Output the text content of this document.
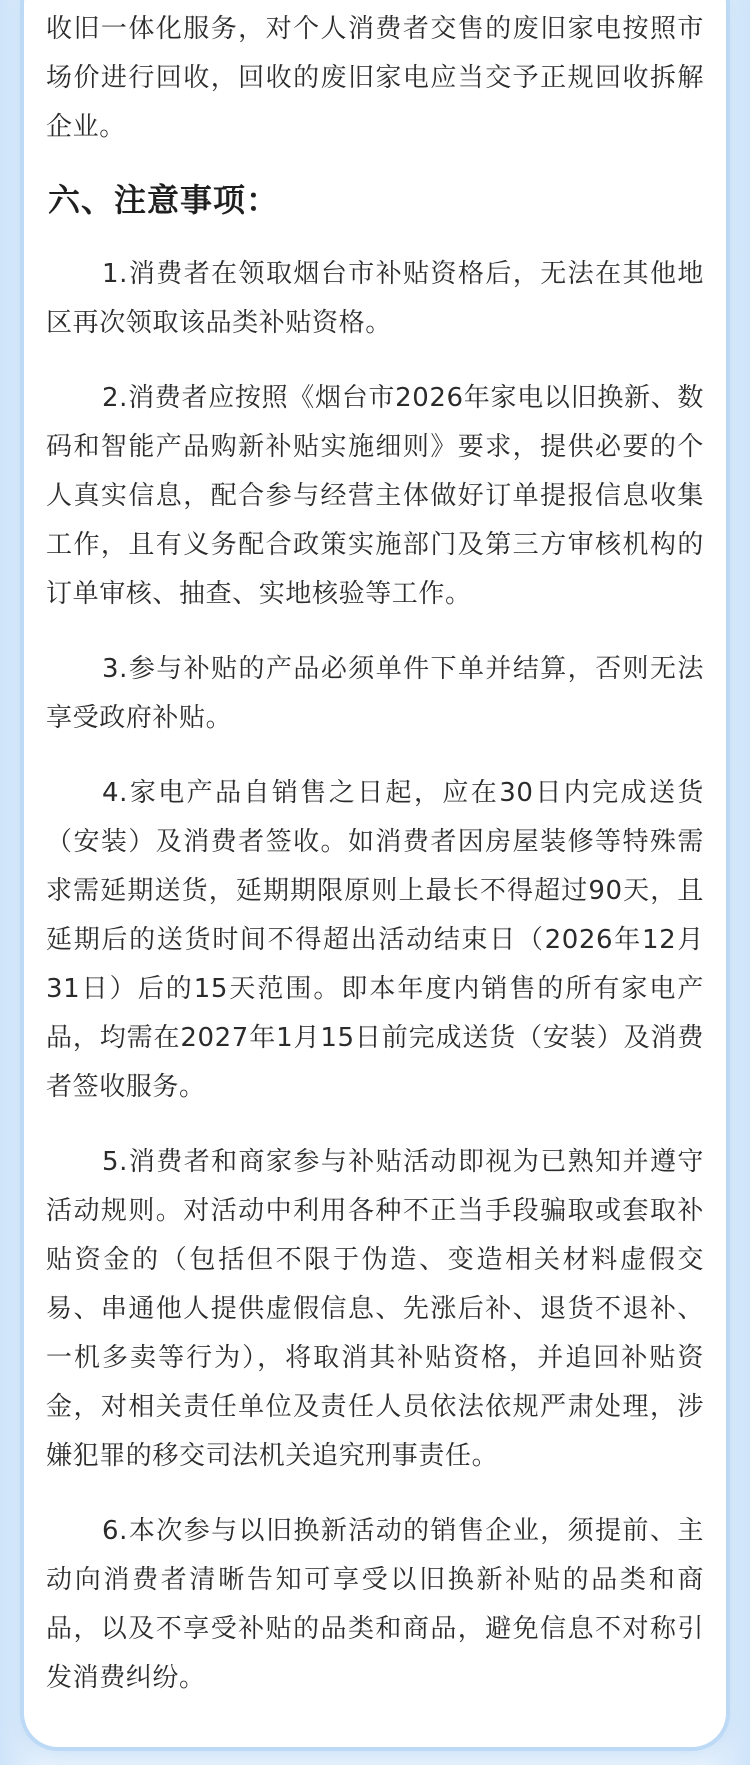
收旧一体化服务，对个人消费者交售的废旧家电按照市场价进行回收，回收的废旧家电应当交予正规回收拆解企业。

六、注意事项：

1.消费者在领取烟台市补贴资格后，无法在其他地区再次领取该品类补贴资格。

2.消费者应按照《烟台市2026年家电以旧换新、数码和智能产品购新补贴实施细则》要求，提供必要的个人真实信息，配合参与经营主体做好订单提报信息收集工作，且有义务配合政策实施部门及第三方审核机构的订单审核、抽查、实地核验等工作。

3.参与补贴的产品必须单件下单并结算，否则无法享受政府补贴。

4.家电产品自销售之日起，应在30日内完成送货（安装）及消费者签收。如消费者因房屋装修等特殊需求需延期送货，延期期限原则上最长不得超过90天，且延期后的送货时间不得超出活动结束日（2026年12月31日）后的15天范围。即本年度内销售的所有家电产品，均需在2027年1月15日前完成送货（安装）及消费者签收服务。

5.消费者和商家参与补贴活动即视为已熟知并遵守活动规则。对活动中利用各种不正当手段骗取或套取补贴资金的（包括但不限于伪造、变造相关材料虚假交易、串通他人提供虚假信息、先涨后补、退货不退补、一机多卖等行为），将取消其补贴资格，并追回补贴资金，对相关责任单位及责任人员依法依规严肃处理，涉嫌犯罪的移交司法机关追究刑事责任。

6.本次参与以旧换新活动的销售企业，须提前、主动向消费者清晰告知可享受以旧换新补贴的品类和商品，以及不享受补贴的品类和商品，避免信息不对称引发消费纠纷。
